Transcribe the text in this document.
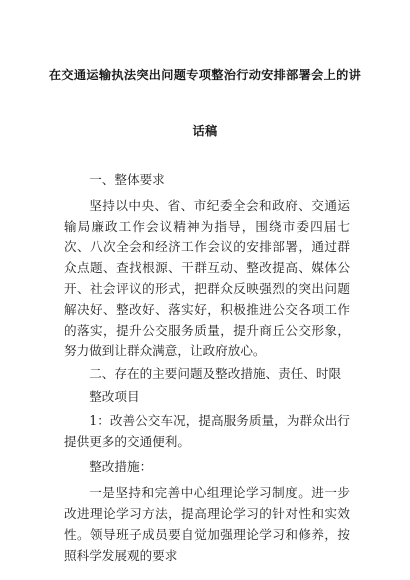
在交通运输执法突出问题专项整治行动安排部署会上的讲
话稿

一、整体要求

坚持以中央、省、市纪委全会和政府、交通运输局廉政工作会议精神为指导，围绕市委四届七次、八次全会和经济工作会议的安排部署，通过群众点题、查找根源、干群互动、整改提高、媒体公开、社会评议的形式，把群众反映强烈的突出问题解决好、整改好、落实好，积极推进公交各项工作的落实，提升公交服务质量，提升商丘公交形象，努力做到让群众满意，让政府放心。

二、存在的主要问题及整改措施、责任、时限

整改项目

1：改善公交车况，提高服务质量，为群众出行提供更多的交通便利。

整改措施：

一是坚持和完善中心组理论学习制度。进一步改进理论学习方法，提高理论学习的针对性和实效性。领导班子成员要自觉加强理论学习和修养，按照科学发展观的要求
